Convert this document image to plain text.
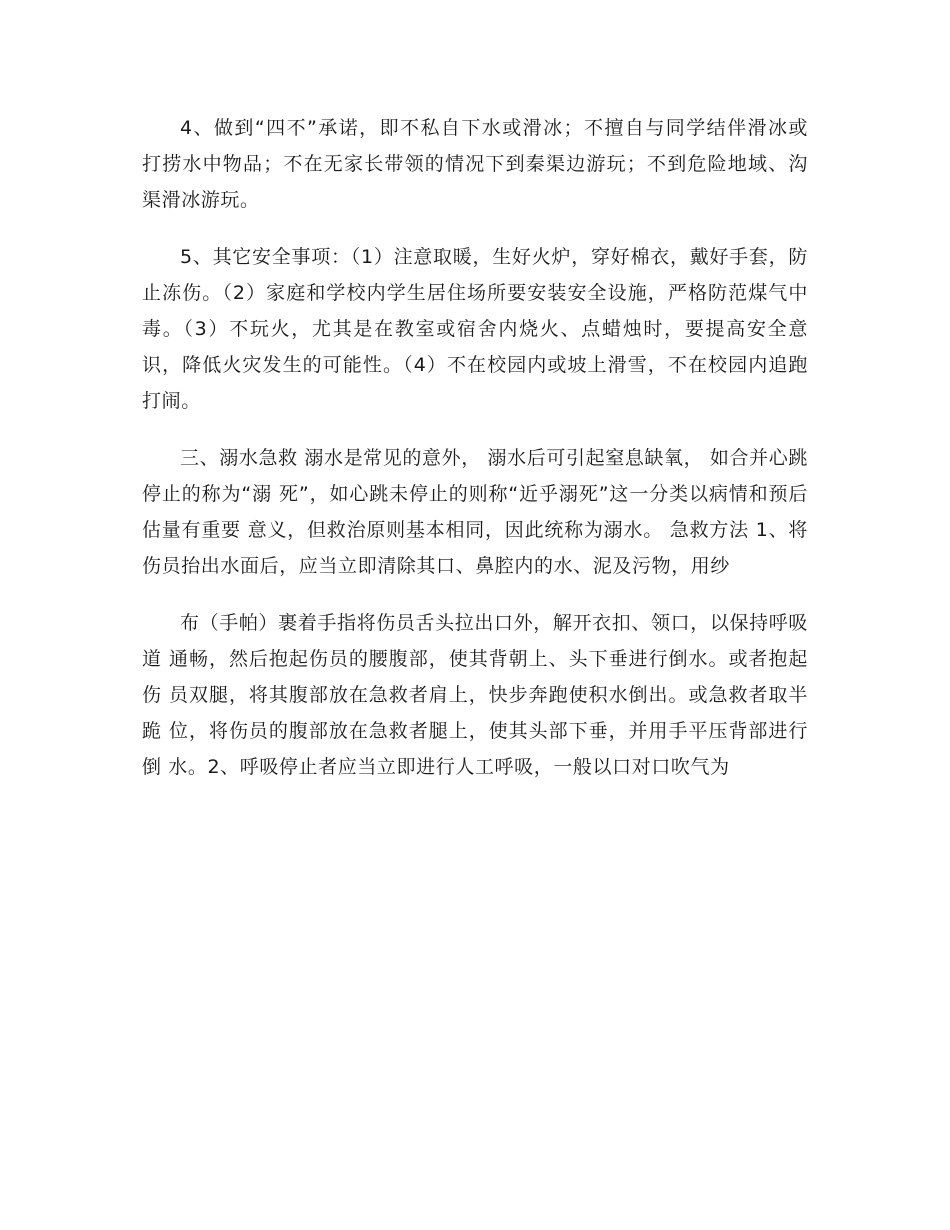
4、做到“四不”承诺，即不私自下水或滑冰；不擅自与同学结伴滑冰或 打捞水中物品；不在无家长带领的情况下到秦渠边游玩；不到危险地域、沟 渠滑冰游玩。

5、其它安全事项：（1）注意取暖，生好火炉，穿好棉衣，戴好手套，防止冻伤。（2）家庭和学校内学生居住场所要安装安全设施，严格防范煤气中毒。（3）不玩火，尤其是在教室或宿舍内烧火、点蜡烛时，要提高安全意识，降低火灾发生的可能性。（4）不在校园内或坡上滑雪，不在校园内追跑打闹。

三、溺水急救 溺水是常见的意外， 溺水后可引起窒息缺氧， 如合并心跳停止的称为“溺 死”，如心跳未停止的则称“近乎溺死”这一分类以病情和预后估量有重要 意义，但救治原则基本相同，因此统称为溺水。 急救方法 1、将伤员抬出水面后，应当立即清除其口、鼻腔内的水、泥及污物，用纱

布（手帕）裹着手指将伤员舌头拉出口外，解开衣扣、领口，以保持呼吸道 通畅，然后抱起伤员的腰腹部，使其背朝上、头下垂进行倒水。或者抱起伤 员双腿，将其腹部放在急救者肩上，快步奔跑使积水倒出。或急救者取半跪 位，将伤员的腹部放在急救者腿上，使其头部下垂，并用手平压背部进行倒 水。2、呼吸停止者应当立即进行人工呼吸，一般以口对口吹气为
